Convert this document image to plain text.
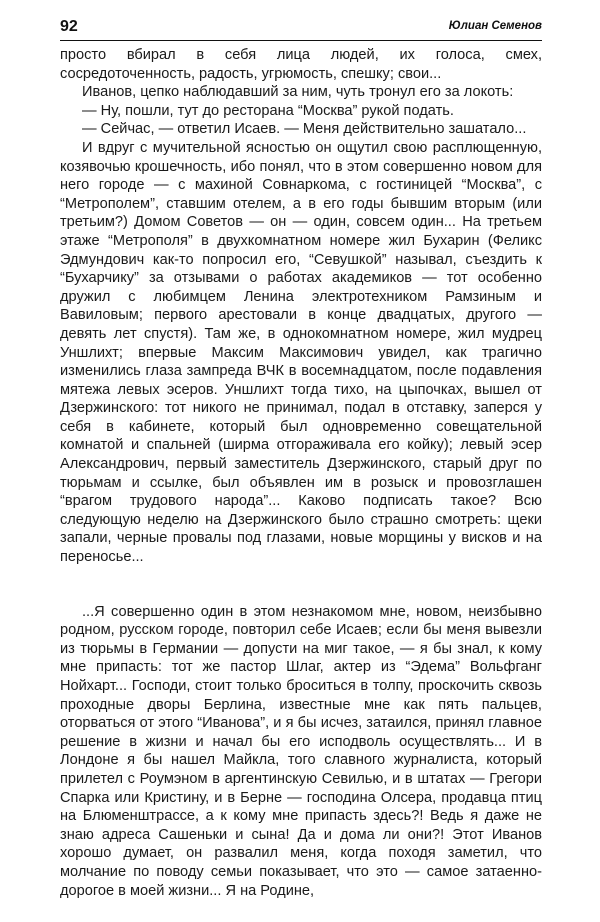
92	Юлиан Семенов

просто вбирал в себя лица людей, их голоса, смех, сосредоточенность, радость, угрюмость, спешку; свои...

Иванов, цепко наблюдавший за ним, чуть тронул его за локоть:

— Ну, пошли, тут до ресторана “Москва” рукой подать.

— Сейчас, — ответил Исаев. — Меня действительно зашатало...

И вдруг с мучительной ясностью он ощутил свою расплющенную, козявочью крошечность, ибо понял, что в этом совершенно новом для него городе — с махиной Совнаркома, с гостиницей “Москва”, с “Метрополем”, ставшим отелем, а в его годы бывшим вторым (или третьим?) Домом Советов — он — один, совсем один... На третьем этаже “Метрополя” в двухкомнатном номере жил Бухарин (Феликс Эдмундович как-то попросил его, “Севушкой” называл, съездить к “Бухарчику” за отзывами о работах академиков — тот особенно дружил с любимцем Ленина электротехником Рамзиным и Вавиловым; первого арестовали в конце двадцатых, другого — девять лет спустя). Там же, в однокомнатном номере, жил мудрец Уншлихт; впервые Максим Максимович увидел, как трагично изменились глаза зампреда ВЧК в восемнадцатом, после подавления мятежа левых эсеров. Уншлихт тогда тихо, на цыпочках, вышел от Дзержинского: тот никого не принимал, подал в отставку, заперся у себя в кабинете, который был одновременно совещательной комнатой и спальней (ширма отгораживала его койку); левый эсер Александрович, первый заместитель Дзержинского, старый друг по тюрьмам и ссылке, был объявлен им в розыск и провозглашен “врагом трудового народа”... Каково подписать такое? Всю следующую неделю на Дзержинского было страшно смотреть: щеки запали, черные провалы под глазами, новые морщины у висков и на переносье...

...Я совершенно один в этом незнакомом мне, новом, неизбывно родном, русском городе, повторил себе Исаев; если бы меня вывезли из тюрьмы в Германии — допусти на миг такое, — я бы знал, к кому мне припасть: тот же пастор Шлаг, актер из “Эдема” Вольфганг Нойхарт... Господи, стоит только броситься в толпу, проскочить сквозь проходные дворы Берлина, известные мне как пять пальцев, оторваться от этого “Иванова”, и я бы исчез, затаился, принял главное решение в жизни и начал бы его исподволь осуществлять... И в Лондоне я бы нашел Майкла, того славного журналиста, который прилетел с Роумэном в аргентинскую Севилью, и в штатах — Грегори Спарка или Кристину, и в Берне — господина Олсера, продавца птиц на Блюменштрассе, а к кому мне припасть здесь?! Ведь я даже не знаю адреса Сашеньки и сына! Да и дома ли они?! Этот Иванов хорошо думает, он развалил меня, когда походя заметил, что молчание по поводу семьи показывает, что это — самое затаенно-дорогое в моей жизни... Я на Родине,
